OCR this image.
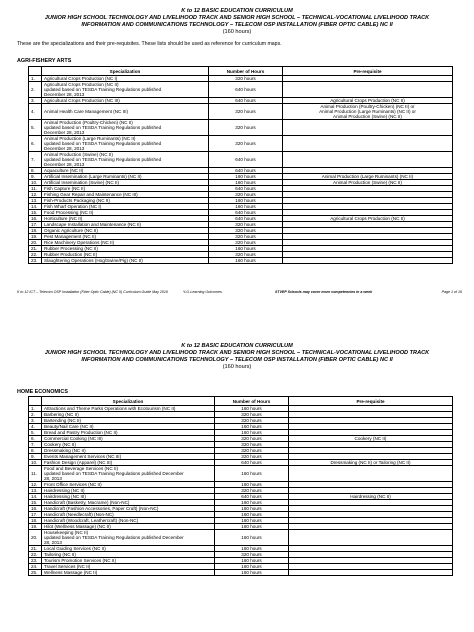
K to 12 BASIC EDUCATION CURRICULUM
JUNIOR HIGH SCHOOL TECHNOLOGY AND LIVELIHOOD TRACK AND SENIOR HIGH SCHOOL – TECHNICAL-VOCATIONAL LIVELIHOOD TRACK
INFORMATION AND COMMUNICATIONS TECHNOLOGY – TELECOM OSP INSTALLATION (FIBER OPTIC CABLE) NC II
(160 hours)
These are the specializations and their pre-requisites. These lists should be used as reference for curriculum maps.
AGRI-FISHERY ARTS
	Specialization	Number of Hours	Pre-requisite
1.	Agricultural Crops Production (NC I)	320 hours	
2.	Agricultural Crops Production (NC II)
updated based on TESDA Training Regulations published
December 28, 2013	640 hours	
3.	Agricultural Crops Production (NC III)	640 hours	Agricultural Crops Production (NC II)
4.	Animal Health Care Management (NC III)	320 hours	Animal Production (Poultry-Chicken) (NC II) or
Animal Production (Large Ruminants) (NC II) or
Animal Production (Swine) (NC II)
5.	Animal Production (Poultry-Chicken) (NC II)
updated based on TESDA Training Regulations published
December 28, 2013	320 hours	
6.	Animal Production (Large Ruminants) (NC II)
updated based on TESDA Training Regulations published
December 28, 2013	320 hours	
7.	Animal Production (Swine) (NC II)
updated based on TESDA Training Regulations published
December 28, 2013	640 hours	
8.	Aquaculture (NC II)	640 hours	
9.	Artificial Insemination (Large Ruminants) (NC II)	160 hours	Animal Production (Large Ruminants) (NC II)
10.	Artificial Insemination (Swine) (NC II)	160 hours	Animal Production (Swine) (NC II)
11.	Fish Capture (NC II)	640 hours	
12.	Fishing Gear Repair and Maintenance (NC III)	320 hours	
13.	Fish-Products Packaging (NC II)	160 hours	
14.	Fish Wharf Operation (NC I)	160 hours	
15.	Food Processing (NC II)	640 hours	
16.	Horticulture (NC II)	640 hours	Agricultural Crops Production (NC II)
17.	Landscape Installation and Maintenance (NC II)	320 hours	
18.	Organic Agriculture (NC II)	320 hours	
19.	Pest Management (NC II)	320 hours	
20.	Rice Machinery Operations (NC II)	320 hours	
21.	Rubber Processing (NC II)	160 hours	
22.	Rubber Production (NC II)	320 hours	
23.	Slaughtering Operations (Hog/Swine/Pig) (NC II)	160 hours	
K to 12 ICT – Telecom OSP Installation (Fiber Optic Cable) (NC II) Curriculum Guide May 2016	*LO-Learning Outcomes	STVEP Schools may cover more competencies in a week	Page 1 of 16
K to 12 BASIC EDUCATION CURRICULUM
JUNIOR HIGH SCHOOL TECHNOLOGY AND LIVELIHOOD TRACK AND SENIOR HIGH SCHOOL – TECHNICAL-VOCATIONAL LIVELIHOOD TRACK
INFORMATION AND COMMUNICATIONS TECHNOLOGY – TELECOM OSP INSTALLATION (FIBER OPTIC CABLE) NC II
(160 hours)
HOME ECONOMICS
	Specialization	Number of Hours	Pre-requisite
1.	Attractions and Theme Parks Operations with Ecotourism (NC II)	160 hours	
2.	Barbering (NC II)	320 hours	
3.	Bartending (NC II)	320 hours	
4.	Beauty/Nail Care (NC II)	160 hours	
5.	Bread and Pastry Production (NC II)	160 hours	
6.	Commercial Cooking (NC III)	320 hours	Cookery (NC II)
7.	Cookery (NC II)	320 hours	
8.	Dressmaking (NC II)	320 hours	
9.	Events Management Services (NC III)	320 hours	
10.	Fashion Design (Apparel) (NC III)	640 hours	Dressmaking (NC II) or Tailoring (NC II)
11.	Food and Beverage Services (NC II)
updated based on TESDA Training Regulations published December
28, 2013	160 hours	
12.	Front Office Services (NC II)	160 hours	
13.	Hairdressing (NC II)	320 hours	
14.	Hairdressing (NC III)	640 hours	Hairdressing (NC II)
15.	Handicraft (Basketry, Macrame) (Non-NC)	160 hours	
16.	Handicraft (Fashion Accessories, Paper Craft) (Non-NC)	160 hours	
17.	Handicraft (Needlecraft) (Non-NC)	160 hours	
18.	Handicraft (Woodcraft, Leathercraft) (Non-NC)	160 hours	
19.	Hilot (Wellness Massage) (NC II)	160 hours	
20.	Housekeeping (NC II)
updated based on TESDA Training Regulations published December
28, 2013	160 hours	
21.	Local Guiding Services (NC II)	160 hours	
22.	Tailoring (NC II)	320 hours	
23.	Tourism Promotion Services (NC II)	160 hours	
24.	Travel Services (NC II)	160 hours	
25.	Wellness Massage (NC II)	160 hours	
